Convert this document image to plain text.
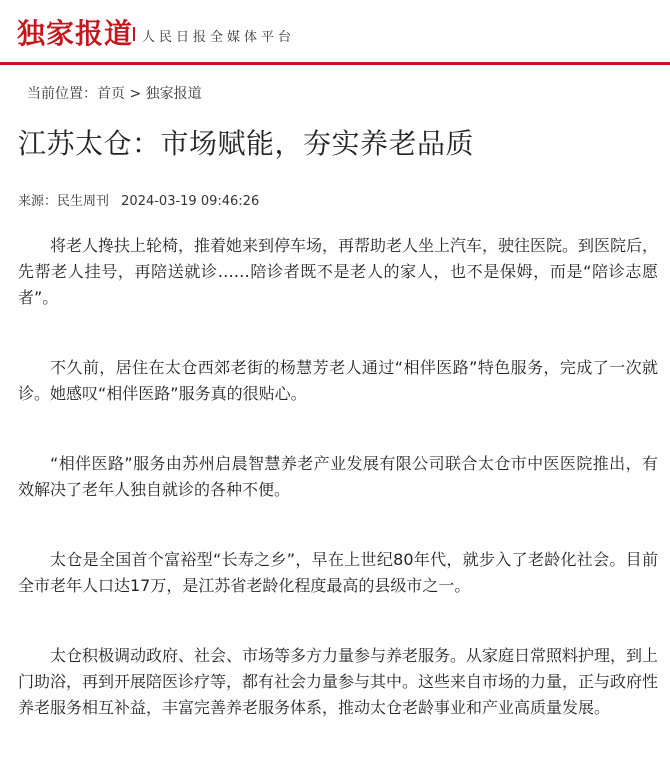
独家报道 人民日报全媒体平台
当前位置：首页 > 独家报道
江苏太仓：市场赋能，夯实养老品质
来源：民生周刊 2024-03-19 09:46:26

将老人搀扶上轮椅，推着她来到停车场，再帮助老人坐上汽车，驶往医院。到医院后，先帮老人挂号，再陪送就诊……陪诊者既不是老人的家人，也不是保姆，而是“陪诊志愿者”。

不久前，居住在太仓西郊老街的杨慧芳老人通过“相伴医路”特色服务，完成了一次就诊。她感叹“相伴医路”服务真的很贴心。

“相伴医路”服务由苏州启晨智慧养老产业发展有限公司联合太仓市中医医院推出，有效解决了老年人独自就诊的各种不便。

太仓是全国首个富裕型“长寿之乡”，早在上世纪80年代，就步入了老龄化社会。目前全市老年人口达17万，是江苏省老龄化程度最高的县级市之一。

太仓积极调动政府、社会、市场等多方力量参与养老服务。从家庭日常照料护理，到上门助浴，再到开展陪医诊疗等，都有社会力量参与其中。这些来自市场的力量，正与政府性养老服务相互补益，丰富完善养老服务体系，推动太仓老龄事业和产业高质量发展。
